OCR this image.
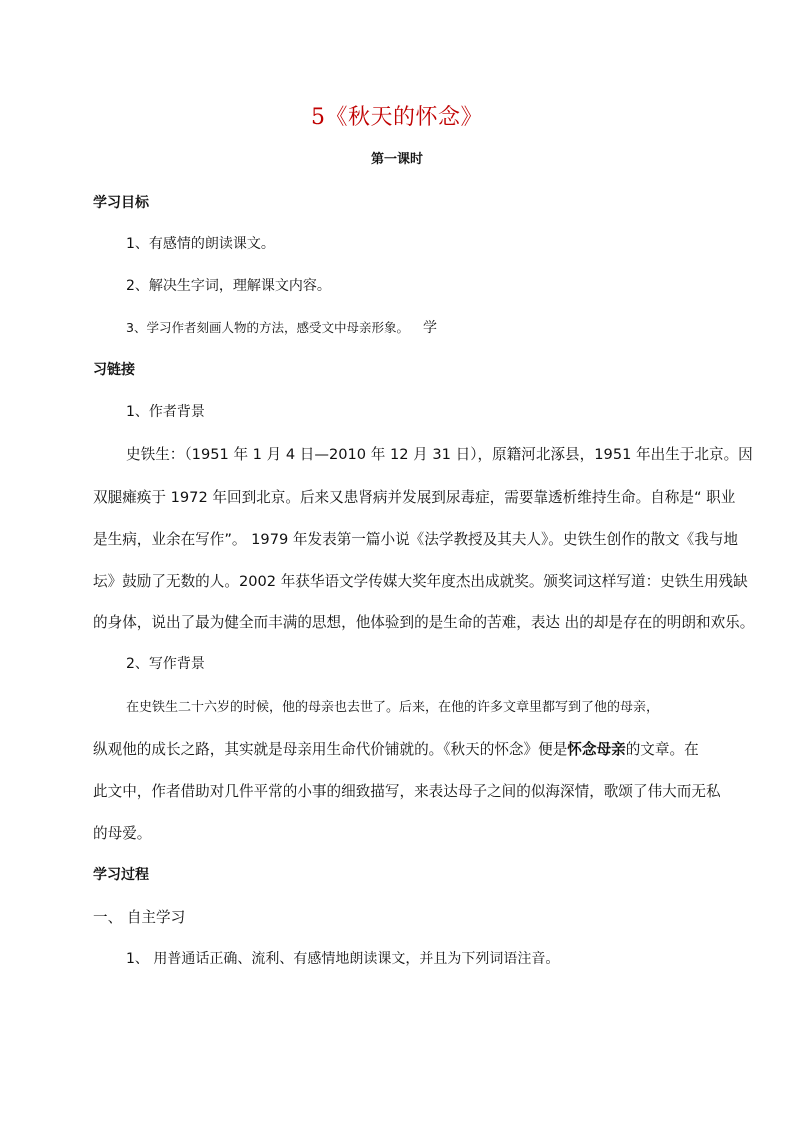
5《秋天的怀念》
第一课时
学习目标
1、有感情的朗读课文。
2、解决生字词，理解课文内容。
3、学习作者刻画人物的方法，感受文中母亲形象。 学
习链接
1、作者背景
史铁生：（1951 年 1 月 4 日—2010 年 12 月 31 日），原籍河北涿县，1951 年出生于北京。因
双腿瘫痪于 1972 年回到北京。后来又患肾病并发展到尿毒症，需要靠透析维持生命。自称是“ 职业
是生病，业余在写作”。 1979 年发表第一篇小说《法学教授及其夫人》。史铁生创作的散文《我与地
坛》鼓励了无数的人。2002 年获华语文学传媒大奖年度杰出成就奖。颁奖词这样写道：史铁生用残缺
的身体，说出了最为健全而丰满的思想，他体验到的是生命的苦难，表达 出的却是存在的明朗和欢乐。
2、写作背景
在史铁生二十六岁的时候，他的母亲也去世了。后来，在他的许多文章里都写到了他的母亲，
纵观他的成长之路，其实就是母亲用生命代价铺就的。《秋天的怀念》便是怀念母亲的文章。在
此文中，作者借助对几件平常的小事的细致描写，来表达母子之间的似海深情，歌颂了伟大而无私
的母爱。
学习过程
一、 自主学习
1、 用普通话正确、流利、有感情地朗读课文，并且为下列词语注音。
